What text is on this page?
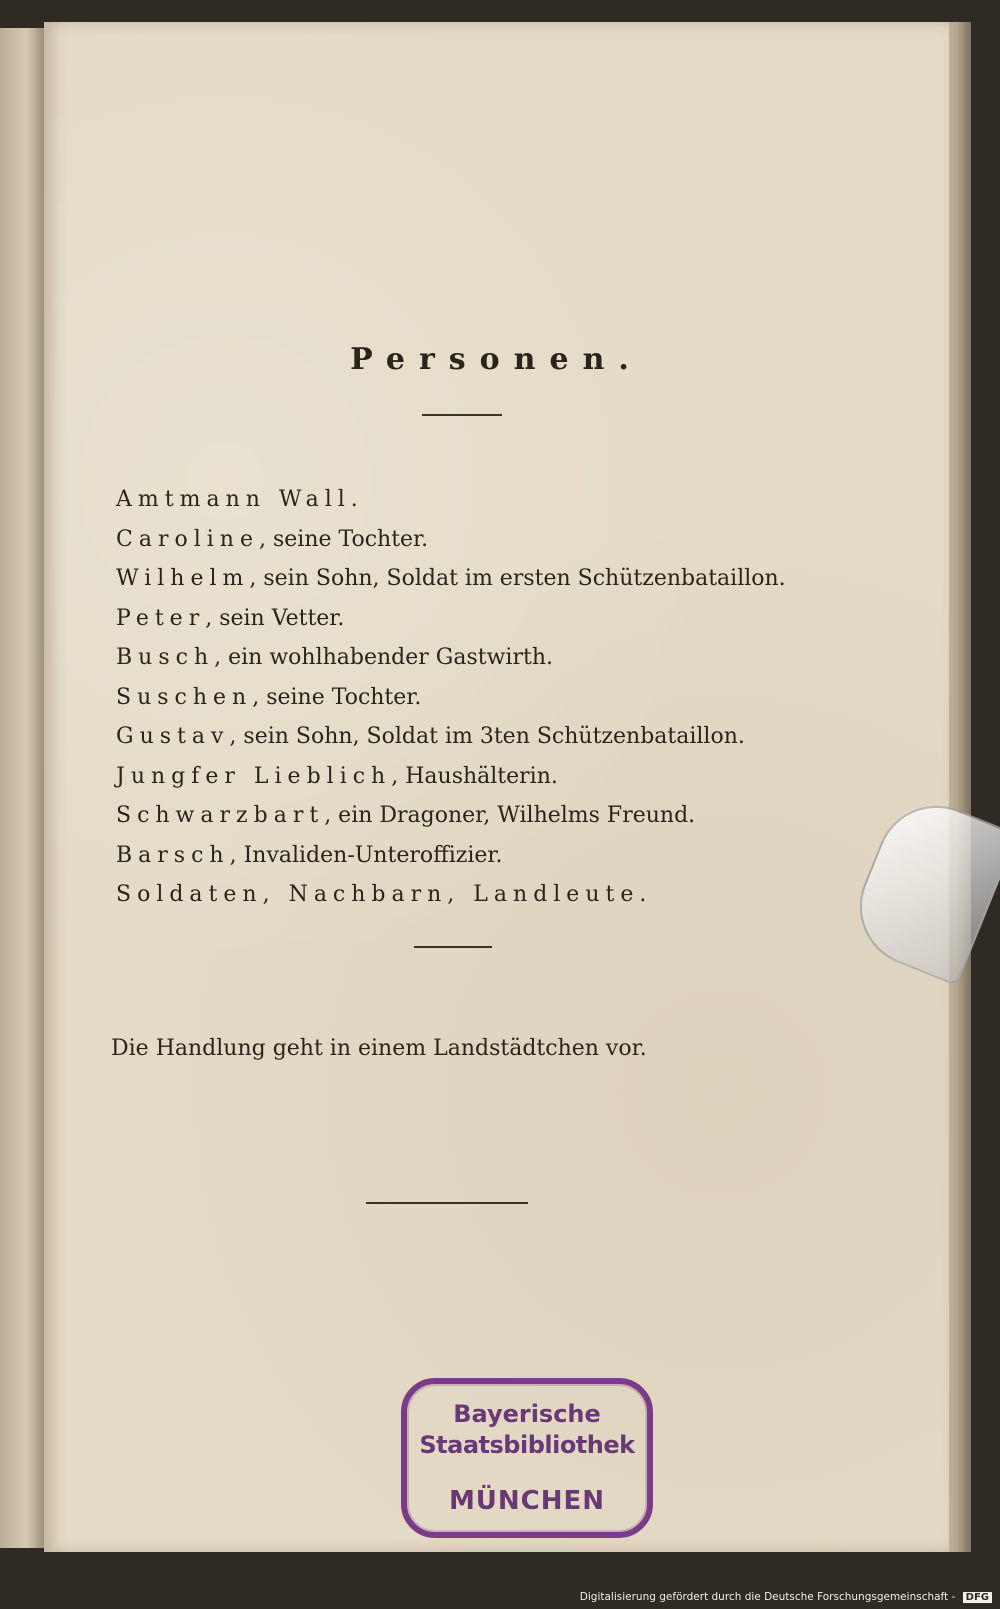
Personen.
Amtmann Wall.
Caroline, seine Tochter.
Wilhelm, sein Sohn, Soldat im ersten Schützenbataillon.
Peter, sein Vetter.
Busch, ein wohlhabender Gastwirth.
Suschen, seine Tochter.
Gustav, sein Sohn, Soldat im 3ten Schützenbataillon.
Jungfer Lieblich, Haushälterin.
Schwarzbart, ein Dragoner, Wilhelms Freund.
Barsch, Invaliden-Unteroffizier.
Soldaten, Nachbarn, Landleute.
Die Handlung geht in einem Landstädtchen vor.
Bayerische
Staatsbibliothek
MÜNCHEN
Digitalisierung gefördert durch die Deutsche Forschungsgemeinschaft - DFG
